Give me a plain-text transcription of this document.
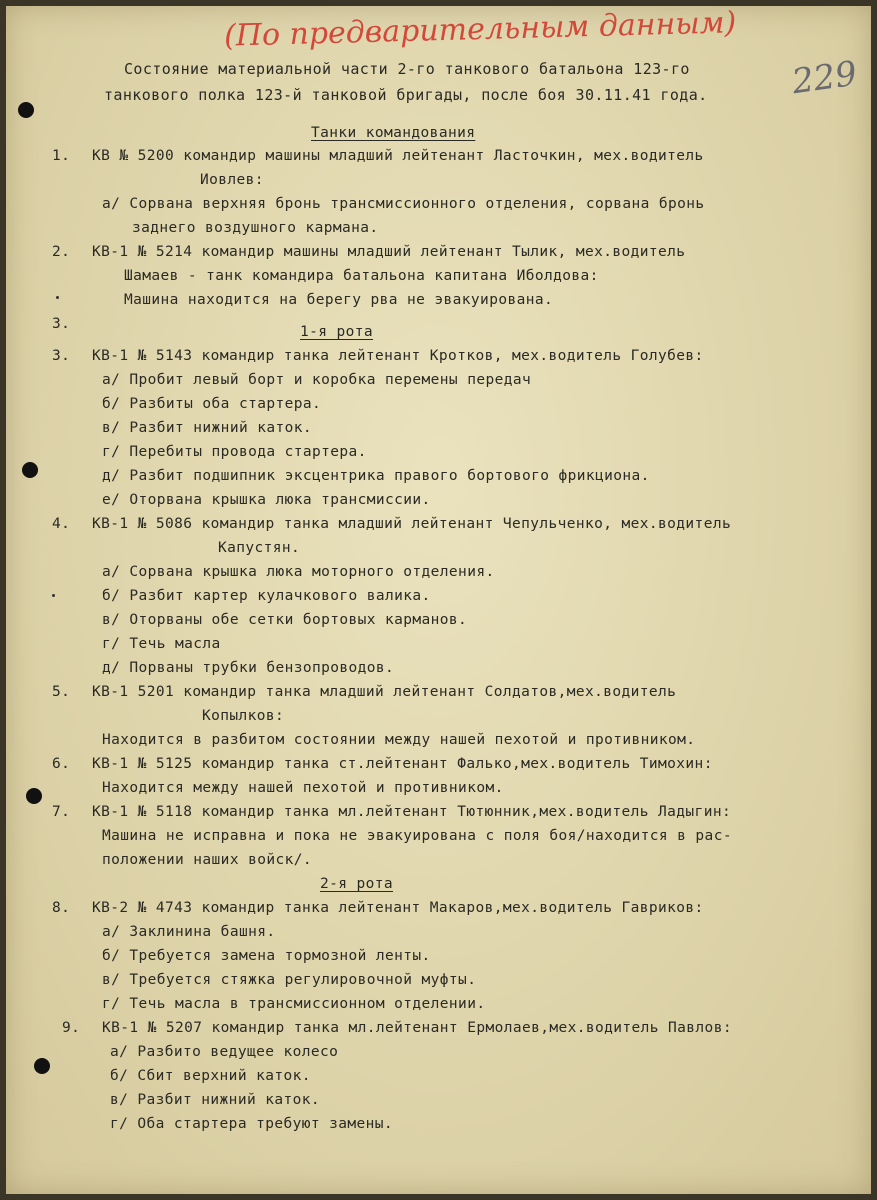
(По предварительным данным)
229
Состояние материальной части 2-го танкового батальона 123-го
танкового полка 123-й танковой бригады, после боя 30.11.41 года.
Танки командования
1. КВ № 5200 командир машины младший лейтенант Ласточкин, мех.водитель
Иовлев:
а/ Сорвана верхняя бронь трансмиссионного отделения, сорвана бронь
заднего воздушного кармана.
2. КВ-1 № 5214 командир машины младший лейтенант Тылик, мех.водитель
Шамаев - танк командира батальона капитана Иболдова:
Машина находится на берегу рва не эвакуирована.
3.	1-я рота
3. КВ-1 № 5143 командир танка лейтенант Кротков, мех.водитель Голубев:
а/ Пробит левый борт и коробка перемены передач
б/ Разбиты оба стартера.
в/ Разбит нижний каток.
г/ Перебиты провода стартера.
д/ Разбит подшипник эксцентрика правого бортового фрикциона.
е/ Оторвана крышка люка трансмиссии.
4. КВ-1 № 5086 командир танка младший лейтенант Чепульченко, мех.водитель
Капустян.
а/ Сорвана крышка люка моторного отделения.
б/ Разбит картер кулачкового валика.
в/ Оторваны обе сетки бортовых карманов.
г/ Течь масла
д/ Порваны трубки бензопроводов.
5. КВ-1 5201 командир танка младший лейтенант Солдатов,мех.водитель
Копылков:
Находится в разбитом состоянии между нашей пехотой и противником.
6. КВ-1 № 5125 командир танка ст.лейтенант Фалько,мех.водитель Тимохин:
Находится между нашей пехотой и противником.
7. КВ-1 № 5118 командир танка мл.лейтенант Тютюнник,мех.водитель Ладыгин:
Машина не исправна и пока не эвакуирована с поля боя/находится в рас-
положении наших войск/.
2-я рота
8. КВ-2 № 4743 командир танка лейтенант Макаров,мех.водитель Гавриков:
а/ Заклинина башня.
б/ Требуется замена тормозной ленты.
в/ Требуется стяжка регулировочной муфты.
г/ Течь масла в трансмиссионном отделении.
9. КВ-1 № 5207 командир танка мл.лейтенант Ермолаев,мех.водитель Павлов:
а/ Разбито ведущее колесо
б/ Сбит верхний каток.
в/ Разбит нижний каток.
г/ Оба стартера требуют замены.
